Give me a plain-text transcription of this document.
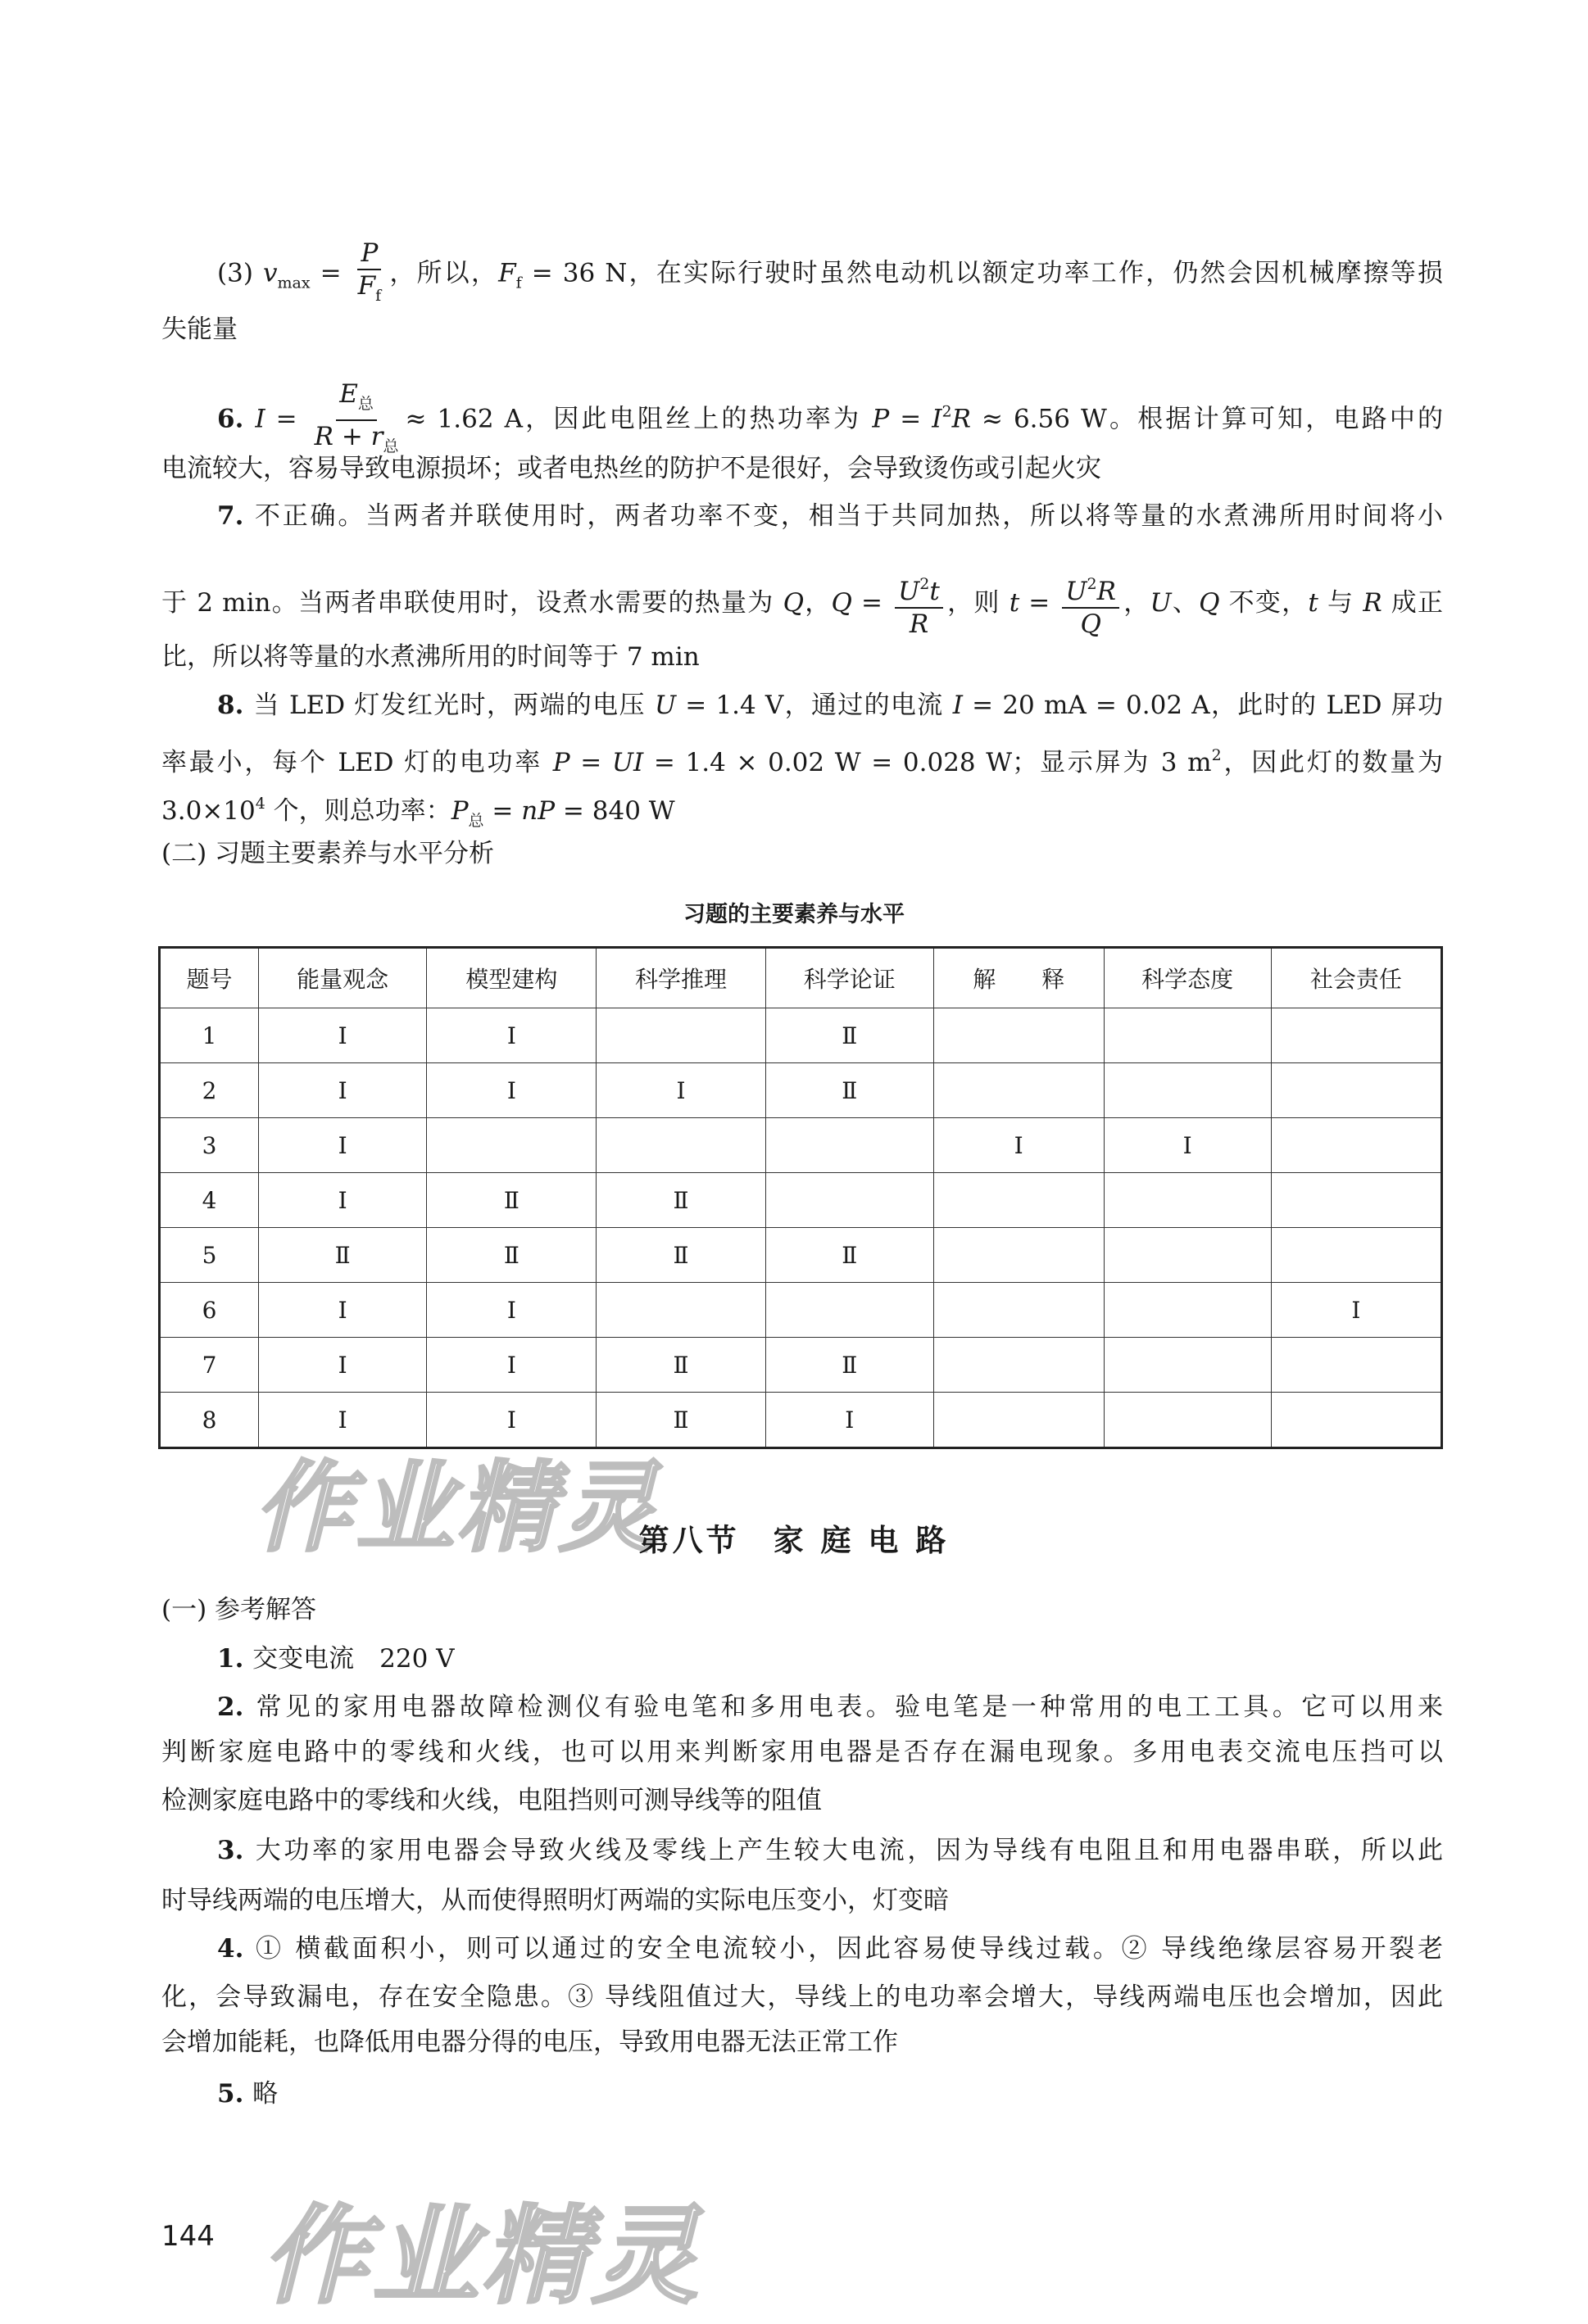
(3) $v_{max} = \frac{P}{F_f}$ ，所以，$F_f = 36$ N，在实际行驶时虽然电动机以额定功率工作，仍然会因机械摩擦等损
失能量
6. $I = \frac{E_总}{R + r_总} \approx 1.62$ A，因此电阻丝上的热功率为 $P = I^2R \approx 6.56$ W。根据计算可知，电路中的
电流较大，容易导致电源损坏；或者电热丝的防护不是很好，会导致烫伤或引起火灾
7. 不正确。当两者并联使用时，两者功率不变，相当于共同加热，所以将等量的水煮沸所用时间将小
于 2 min。当两者串联使用时，设煮水需要的热量为 Q，$Q = \frac{U^2t}{R}$ ，则 $t = \frac{U^2R}{Q}$ ，U、Q 不变，t 与 R 成正
比，所以将等量的水煮沸所用的时间等于 7 min
8. 当 LED 灯发红光时，两端的电压 U = 1.4 V，通过的电流 I = 20 mA = 0.02 A，此时的 LED 屏功
率最小，每个 LED 灯的电功率 P = UI = 1.4 × 0.02 W = 0.028 W；显示屏为 3 $m^2$，因此灯的数量为
$3.0\times 10^4$ 个，则总功率：$P_总$ = nP = 840 W
(二) 习题主要素养与水平分析
(一) 参考解答
1. 交变电流　220 V
2. 常见的家用电器故障检测仪有验电笔和多用电表。验电笔是一种常用的电工工具。它可以用来
判断家庭电路中的零线和火线，也可以用来判断家用电器是否存在漏电现象。多用电表交流电压挡可以
检测家庭电路中的零线和火线，电阻挡则可测导线等的阻值
3. 大功率的家用电器会导致火线及零线上产生较大电流，因为导线有电阻且和用电器串联，所以此
时导线两端的电压增大，从而使得照明灯两端的实际电压变小，灯变暗
4. ① 横截面积小，则可以通过的安全电流较小，因此容易使导线过载。② 导线绝缘层容易开裂老
化，会导致漏电，存在安全隐患。③ 导线阻值过大，导线上的电功率会增大，导线两端电压也会增加，因此
会增加能耗，也降低用电器分得的电压，导致用电器无法正常工作
5. 略
习题的主要素养与水平
题号	能量观念	模型建构	科学推理	科学论证	解　　释	科学态度	社会责任
1	Ⅰ	Ⅰ		Ⅱ			
2	Ⅰ	Ⅰ	Ⅰ	Ⅱ			
3	Ⅰ				Ⅰ	Ⅰ	
4	Ⅰ	Ⅱ	Ⅱ				
5	Ⅱ	Ⅱ	Ⅱ	Ⅱ			
6	Ⅰ	Ⅰ					Ⅰ
7	Ⅰ	Ⅰ	Ⅱ	Ⅱ			
8	Ⅰ	Ⅰ	Ⅱ	Ⅰ			
作业精灵
第八节　家 庭 电 路
144 作业精灵
